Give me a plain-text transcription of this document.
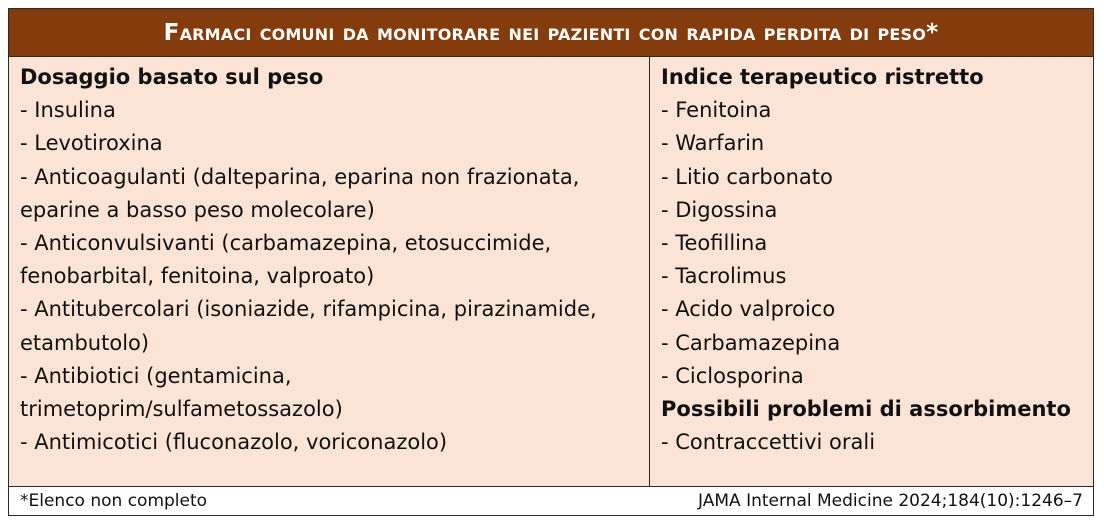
Farmaci comuni da monitorare nei pazienti con rapida perdita di peso*
Dosaggio basato sul peso
- Insulina
- Levotiroxina
- Anticoagulanti (dalteparina, eparina non frazionata,
eparine a basso peso molecolare)
- Anticonvulsivanti (carbamazepina, etosuccimide,
fenobarbital, fenitoina, valproato)
- Antitubercolari (isoniazide, rifampicina, pirazinamide,
etambutolo)
- Antibiotici (gentamicina,
trimetoprim/sulfametossazolo)
- Antimicotici (fluconazolo, voriconazolo)
Indice terapeutico ristretto
- Fenitoina
- Warfarin
- Litio carbonato
- Digossina
- Teofillina
- Tacrolimus
- Acido valproico
- Carbamazepina
- Ciclosporina
Possibili problemi di assorbimento
- Contraccettivi orali
*Elenco non completo	JAMA Internal Medicine 2024;184(10):1246–7
